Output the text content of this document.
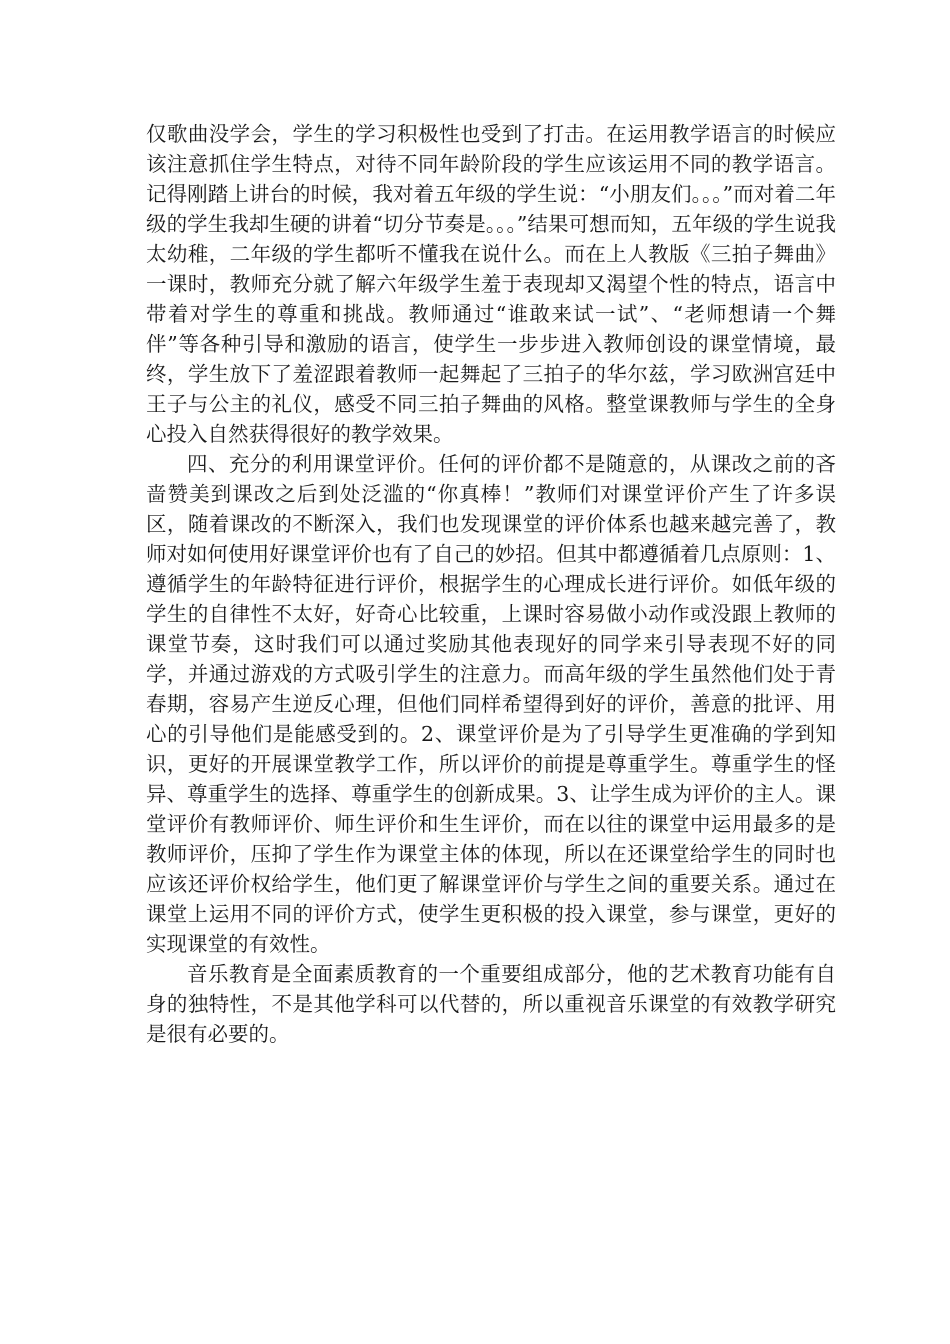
仅歌曲没学会，学生的学习积极性也受到了打击。在运用教学语言的时候应该注意抓住学生特点，对待不同年龄阶段的学生应该运用不同的教学语言。记得刚踏上讲台的时候，我对着五年级的学生说：“小朋友们。。。”而对着二年级的学生我却生硬的讲着“切分节奏是。。。”结果可想而知，五年级的学生说我太幼稚，二年级的学生都听不懂我在说什么。而在上人教版《三拍子舞曲》一课时，教师充分就了解六年级学生羞于表现却又渴望个性的特点，语言中带着对学生的尊重和挑战。教师通过“谁敢来试一试”、“老师想请一个舞伴”等各种引导和激励的语言，使学生一步步进入教师创设的课堂情境，最终，学生放下了羞涩跟着教师一起舞起了三拍子的华尔兹，学习欧洲宫廷中王子与公主的礼仪，感受不同三拍子舞曲的风格。整堂课教师与学生的全身心投入自然获得很好的教学效果。

四、充分的利用课堂评价。任何的评价都不是随意的，从课改之前的吝啬赞美到课改之后到处泛滥的“你真棒！”教师们对课堂评价产生了许多误区，随着课改的不断深入，我们也发现课堂的评价体系也越来越完善了，教师对如何使用好课堂评价也有了自己的妙招。但其中都遵循着几点原则：1、遵循学生的年龄特征进行评价，根据学生的心理成长进行评价。如低年级的学生的自律性不太好，好奇心比较重，上课时容易做小动作或没跟上教师的课堂节奏，这时我们可以通过奖励其他表现好的同学来引导表现不好的同学，并通过游戏的方式吸引学生的注意力。而高年级的学生虽然他们处于青春期，容易产生逆反心理，但他们同样希望得到好的评价，善意的批评、用心的引导他们是能感受到的。2、课堂评价是为了引导学生更准确的学到知识，更好的开展课堂教学工作，所以评价的前提是尊重学生。尊重学生的怪异、尊重学生的选择、尊重学生的创新成果。3、让学生成为评价的主人。课堂评价有教师评价、师生评价和生生评价，而在以往的课堂中运用最多的是教师评价，压抑了学生作为课堂主体的体现，所以在还课堂给学生的同时也应该还评价权给学生，他们更了解课堂评价与学生之间的重要关系。通过在课堂上运用不同的评价方式，使学生更积极的投入课堂，参与课堂，更好的实现课堂的有效性。

音乐教育是全面素质教育的一个重要组成部分，他的艺术教育功能有自身的独特性，不是其他学科可以代替的，所以重视音乐课堂的有效教学研究是很有必要的。
